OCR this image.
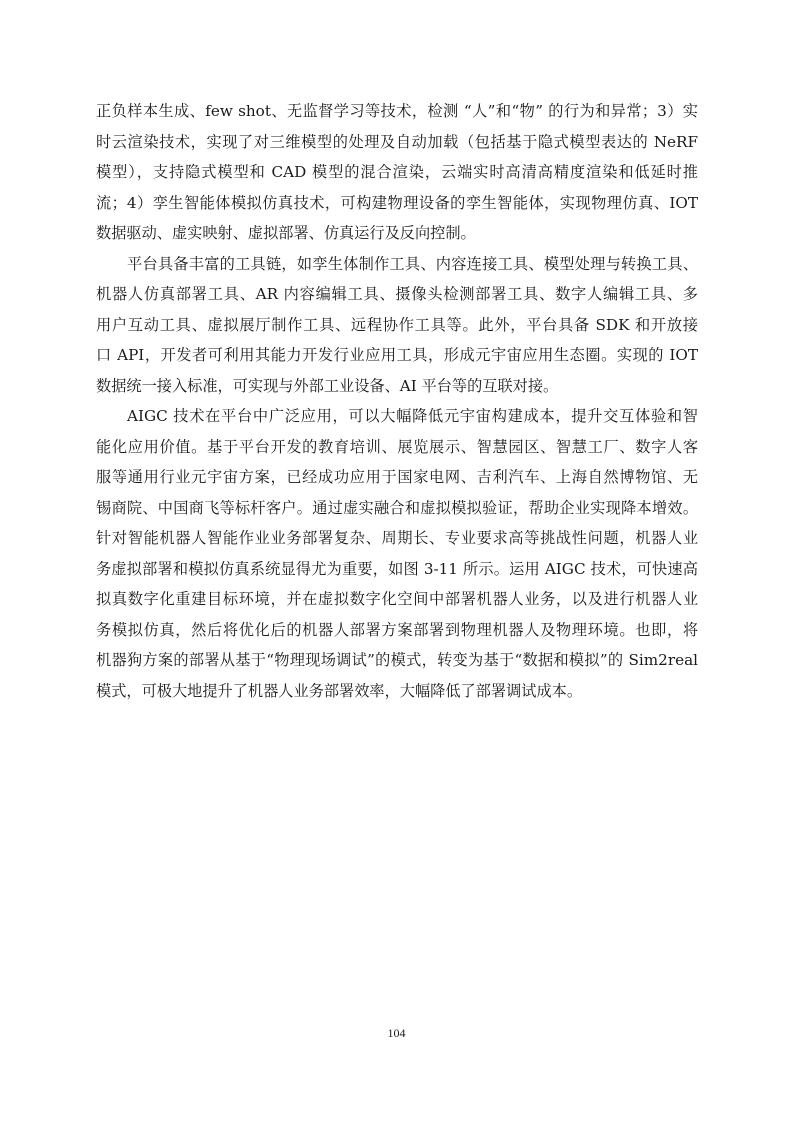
正负样本生成、few shot、无监督学习等技术，检测 “人”和“物” 的行为和异常；3）实
时云渲染技术，实现了对三维模型的处理及自动加载（包括基于隐式模型表达的 NeRF
模型），支持隐式模型和 CAD 模型的混合渲染，云端实时高清高精度渲染和低延时推
流；4）孪生智能体模拟仿真技术，可构建物理设备的孪生智能体，实现物理仿真、IOT
数据驱动、虚实映射、虚拟部署、仿真运行及反向控制。
平台具备丰富的工具链，如孪生体制作工具、内容连接工具、模型处理与转换工具、
机器人仿真部署工具、AR 内容编辑工具、摄像头检测部署工具、数字人编辑工具、多
用户互动工具、虚拟展厅制作工具、远程协作工具等。此外，平台具备 SDK 和开放接
口 API，开发者可利用其能力开发行业应用工具，形成元宇宙应用生态圈。实现的 IOT
数据统一接入标准，可实现与外部工业设备、AI 平台等的互联对接。
AIGC 技术在平台中广泛应用，可以大幅降低元宇宙构建成本，提升交互体验和智
能化应用价值。基于平台开发的教育培训、展览展示、智慧园区、智慧工厂、数字人客
服等通用行业元宇宙方案，已经成功应用于国家电网、吉利汽车、上海自然博物馆、无
锡商院、中国商飞等标杆客户。通过虚实融合和虚拟模拟验证，帮助企业实现降本增效。
针对智能机器人智能作业业务部署复杂、周期长、专业要求高等挑战性问题，机器人业
务虚拟部署和模拟仿真系统显得尤为重要，如图 3-11 所示。运用 AIGC 技术，可快速高
拟真数字化重建目标环境，并在虚拟数字化空间中部署机器人业务，以及进行机器人业
务模拟仿真，然后将优化后的机器人部署方案部署到物理机器人及物理环境。也即，将
机器狗方案的部署从基于“物理现场调试”的模式，转变为基于“数据和模拟”的 Sim2real
模式，可极大地提升了机器人业务部署效率，大幅降低了部署调试成本。
104
